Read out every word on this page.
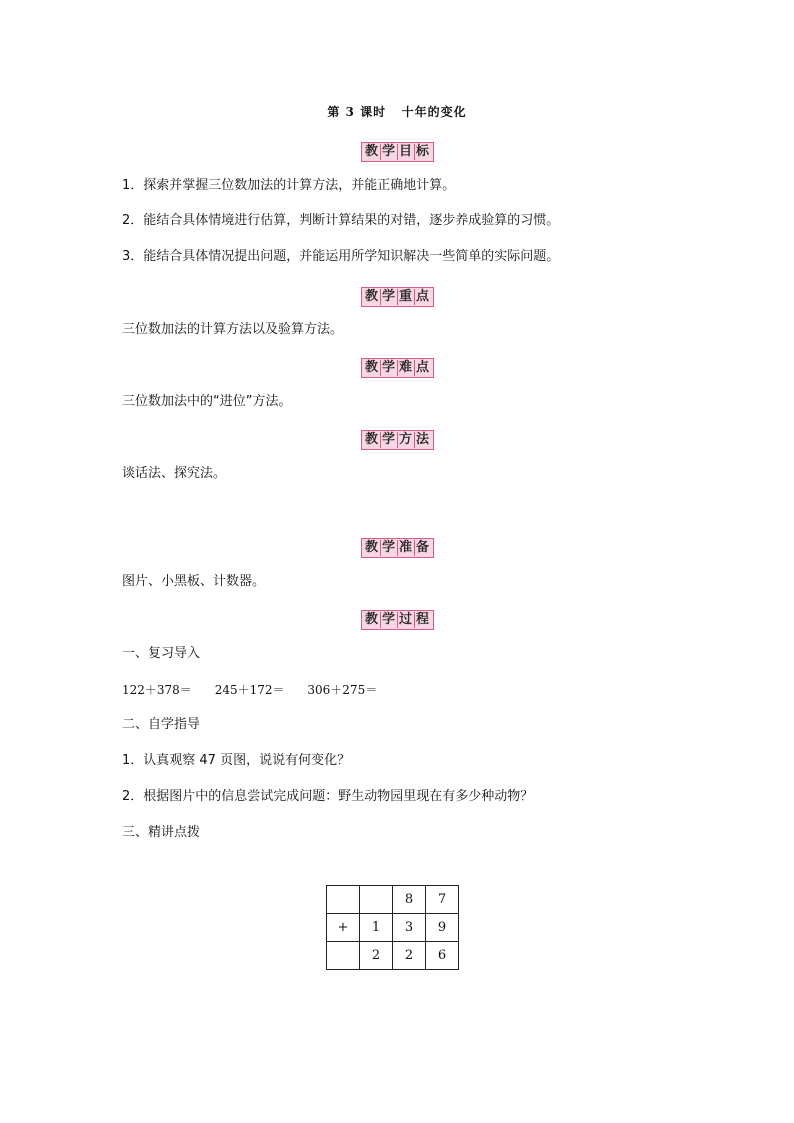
第 3 课时   十年的变化
教 学 目 标
1．探索并掌握三位数加法的计算方法，并能正确地计算。
2．能结合具体情境进行估算，判断计算结果的对错，逐步养成验算的习惯。
3．能结合具体情况提出问题，并能运用所学知识解决一些简单的实际问题。
教 学 重 点
三位数加法的计算方法以及验算方法。
教 学 难 点
三位数加法中的“进位”方法。
教 学 方 法
谈话法、探究法。
教 学 准 备
图片、小黑板、计数器。
教 学 过 程
一、复习导入
122＋378＝      245＋172＝      306＋275＝
二、自学指导
1．认真观察 47 页图，说说有何变化？
2．根据图片中的信息尝试完成问题：野生动物园里现在有多少种动物？
三、精讲点拨
		8	7
+	1	3	9
	2	2	6
